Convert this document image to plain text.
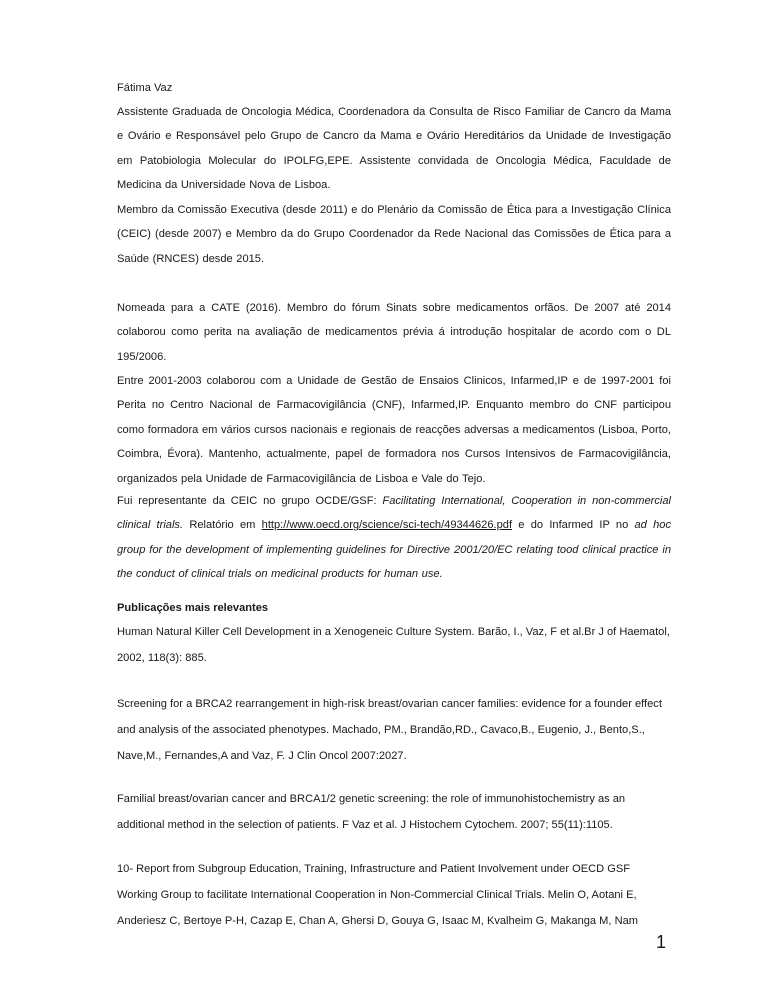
Fátima Vaz

Assistente Graduada de Oncologia Médica, Coordenadora da Consulta de Risco Familiar de Cancro da Mama e Ovário e Responsável pelo Grupo de Cancro da Mama e Ovário Hereditários da Unidade de Investigação em Patobiologia Molecular do IPOLFG,EPE. Assistente convidada de Oncologia Médica, Faculdade de Medicina da Universidade Nova de Lisboa.

Membro da Comissão Executiva (desde 2011) e do Plenário da Comissão de Ética para a Investigação Clínica (CEIC) (desde 2007) e Membro da do Grupo Coordenador da Rede Nacional das Comissões de Ética para a Saúde (RNCES) desde 2015.

Nomeada para a CATE (2016). Membro do fórum Sinats sobre medicamentos orfãos. De 2007 até 2014 colaborou como perita na avaliação de medicamentos prévia á introdução hospitalar de acordo com o DL 195/2006.

Entre 2001-2003 colaborou com a Unidade de Gestão de Ensaios Clinicos, Infarmed,IP e de 1997-2001 foi Perita no Centro Nacional de Farmacovigilância (CNF), Infarmed,IP. Enquanto membro do CNF participou como formadora em vários cursos nacionais e regionais de reacções adversas a medicamentos (Lisboa, Porto, Coimbra, Évora). Mantenho, actualmente, papel de formadora nos Cursos Intensivos de Farmacovigilância, organizados pela Unidade de Farmacovigilância de Lisboa e Vale do Tejo.

Fui representante da CEIC no grupo OCDE/GSF: Facilitating International, Cooperation in non-commercial clinical trials. Relatório em http://www.oecd.org/science/sci-tech/49344626.pdf e do Infarmed IP no ad hoc group for the development of implementing guidelines for Directive 2001/20/EC relating tood clinical practice in the conduct of clinical trials on medicinal products for human use.

Publicações mais relevantes

Human Natural Killer Cell Development in a Xenogeneic Culture System. Barão, I., Vaz, F et al.Br J of Haematol, 2002, 118(3): 885.

Screening for a BRCA2 rearrangement in high-risk breast/ovarian cancer families: evidence for a founder effect and analysis of the associated phenotypes. Machado, PM., Brandão,RD., Cavaco,B., Eugenio, J., Bento,S., Nave,M., Fernandes,A and Vaz, F. J Clin Oncol 2007:2027.

Familial breast/ovarian cancer and BRCA1/2 genetic screening: the role of immunohistochemistry as an additional method in the selection of patients. F Vaz et al. J Histochem Cytochem. 2007; 55(11):1105.

10- Report from Subgroup Education, Training, Infrastructure and Patient Involvement under OECD GSF Working Group to facilitate International Cooperation in Non-Commercial Clinical Trials. Melin O, Aotani E, Anderiesz C, Bertoye P-H, Cazap E, Chan A, Ghersi D, Gouya G, Isaac M, Kvalheim G, Makanga M, Nam

1
